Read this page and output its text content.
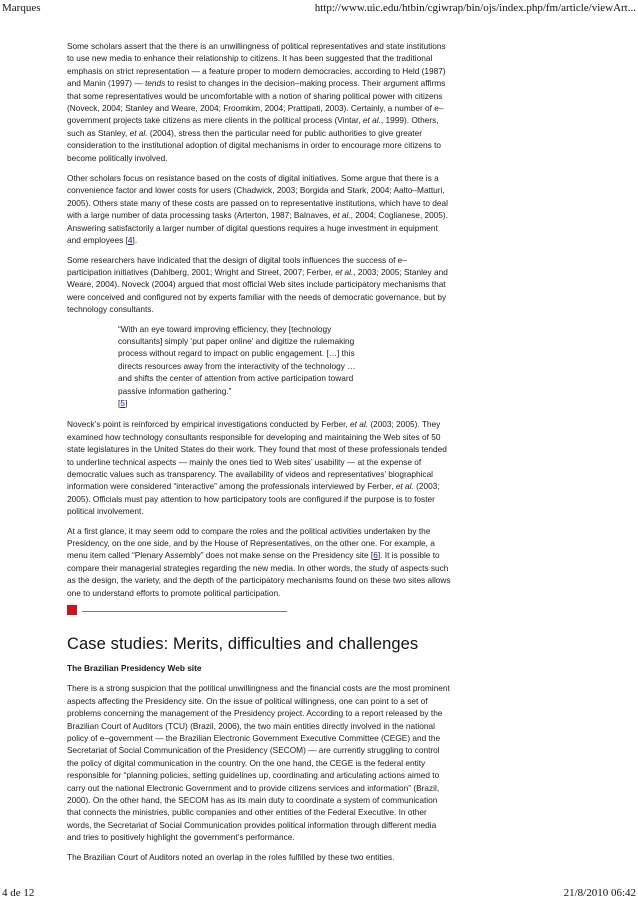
Marques	http://www.uic.edu/htbin/cgiwrap/bin/ojs/index.php/fm/article/viewArt...

Some scholars assert that the there is an unwillingness of political representatives and state institutions to use new media to enhance their relationship to citizens. It has been suggested that the traditional emphasis on strict representation — a feature proper to modern democracies, according to Held (1987) and Manin (1997) — tends to resist to changes in the decision–making process. Their argument affirms that some representatives would be uncomfortable with a notion of sharing political power with citizens (Noveck, 2004; Stanley and Weare, 2004; Froomkim, 2004; Prattipati, 2003). Certainly, a number of e–government projects take citizens as mere clients in the political process (Vintar, et al., 1999). Others, such as Stanley, et al. (2004), stress then the particular need for public authorities to give greater consideration to the institutional adoption of digital mechanisms in order to encourage more citizens to become politically involved.

Other scholars focus on resistance based on the costs of digital initiatives. Some argue that there is a convenience factor and lower costs for users (Chadwick, 2003; Borgida and Stark, 2004; Aalto–Matturi, 2005). Others state many of these costs are passed on to representative institutions, which have to deal with a large number of data processing tasks (Arterton, 1987; Balnaves, et al., 2004; Coglianese, 2005). Answering satisfactorily a larger number of digital questions requires a huge investment in equipment and employees [4].

Some researchers have indicated that the design of digital tools influences the success of e–participation initiatives (Dahlberg, 2001; Wright and Street, 2007; Ferber, et al., 2003; 2005; Stanley and Weare, 2004). Noveck (2004) argued that most official Web sites include participatory mechanisms that were conceived and configured not by experts familiar with the needs of democratic governance, but by technology consultants.

“With an eye toward improving efficiency, they [technology consultants] simply ‘put paper online’ and digitize the rulemaking process without regard to impact on public engagement. […] this directs resources away from the interactivity of the technology … and shifts the center of attention from active participation toward passive information gathering.”
[5]

Noveck’s point is reinforced by empirical investigations conducted by Ferber, et al. (2003; 2005). They examined how technology consultants responsible for developing and maintaining the Web sites of 50 state legislatures in the United States do their work. They found that most of these professionals tended to underline technical aspects — mainly the ones tied to Web sites’ usability — at the expense of democratic values such as transparency. The availability of videos and representatives’ biographical information were considered “interactive” among the professionals interviewed by Ferber, et al. (2003; 2005). Officials must pay attention to how participatory tools are configured if the purpose is to foster political involvement.

At a first glance, it may seem odd to compare the roles and the political activities undertaken by the Presidency, on the one side, and by the House of Representatives, on the other one. For example, a menu item called “Plenary Assembly” does not make sense on the Presidency site [6]. It is possible to compare their managerial strategies regarding the new media. In other words, the study of aspects such as the design, the variety, and the depth of the participatory mechanisms found on these two sites allows one to understand efforts to promote political participation.

Case studies: Merits, difficulties and challenges

The Brazilian Presidency Web site

There is a strong suspicion that the political unwillingness and the financial costs are the most prominent aspects affecting the Presidency site. On the issue of political willingness, one can point to a set of problems concerning the management of the Presidency project. According to a report released by the Brazilian Court of Auditors (TCU) (Brazil, 2006), the two main entities directly involved in the national policy of e–government — the Brazilian Electronic Government Executive Committee (CEGE) and the Secretariat of Social Communication of the Presidency (SECOM) — are currently struggling to control the policy of digital communication in the country. On the one hand, the CEGE is the federal entity responsible for “planning policies, setting guidelines up, coordinating and articulating actions aimed to carry out the national Electronic Government and to provide citizens services and information” (Brazil, 2000). On the other hand, the SECOM has as its main duty to coordinate a system of communication that connects the ministries, public companies and other entities of the Federal Executive. In other words, the Secretariat of Social Communication provides political information through different media and tries to positively highlight the government’s performance.

The Brazilian Court of Auditors noted an overlap in the roles fulfilled by these two entities.

4 de 12	21/8/2010 06:42
